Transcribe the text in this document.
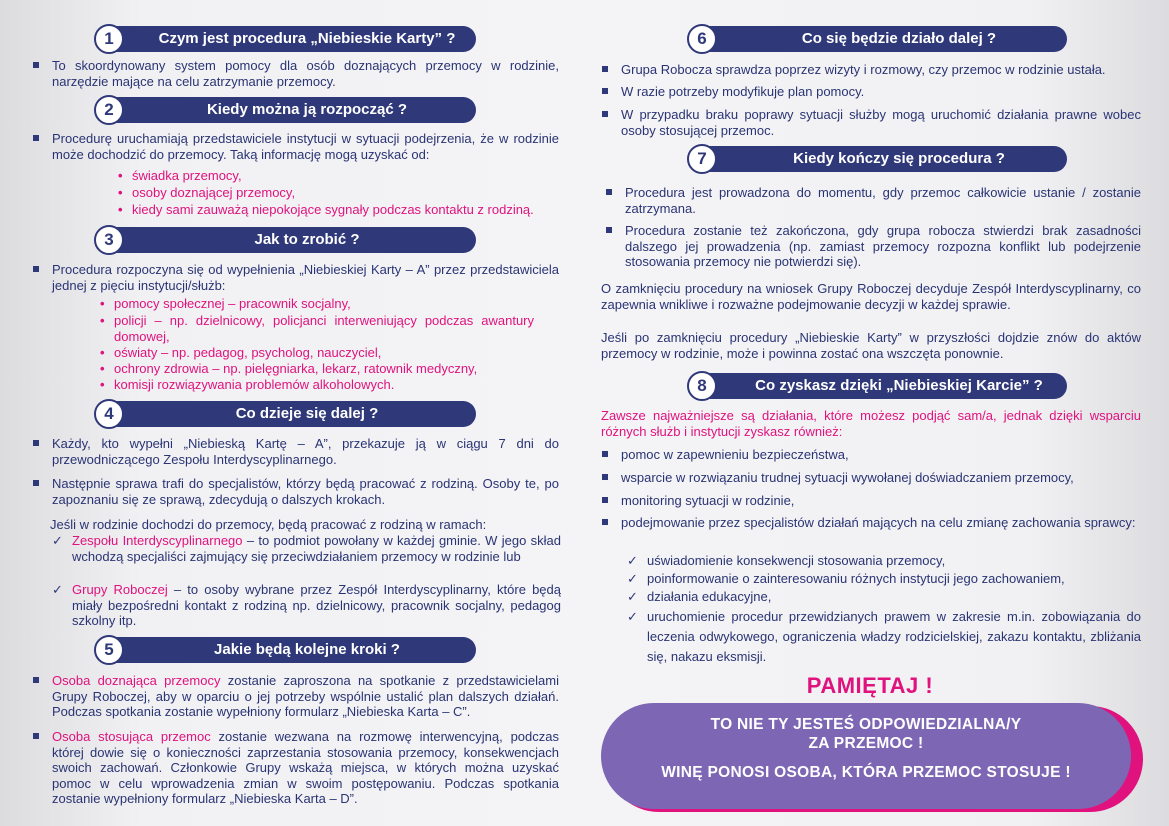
Czym jest procedura „Niebieskie Karty” ?
1
To skoordynowany system pomocy dla osób doznających przemocy w rodzinie, narzędzie mające na celu zatrzymanie przemocy.
Kiedy można ją rozpocząć ?
2
Procedurę uruchamiają przedstawiciele instytucji w sytuacji podejrzenia, że w rodzinie może dochodzić do przemocy. Taką informację mogą uzyskać od:
• świadka przemocy,
• osoby doznającej przemocy,
• kiedy sami zauważą niepokojące sygnały podczas kontaktu z rodziną.
Jak to zrobić ?
3
Procedura rozpoczyna się od wypełnienia „Niebieskiej Karty – A” przez przedstawiciela jednej z pięciu instytucji/służb:
• pomocy społecznej – pracownik socjalny,
• policji – np. dzielnicowy, policjanci interweniujący podczas awantury domowej,
• oświaty – np. pedagog, psycholog, nauczyciel,
• ochrony zdrowia – np. pielęgniarka, lekarz, ratownik medyczny,
• komisji rozwiązywania problemów alkoholowych.
Co dzieje się dalej ?
4
Każdy, kto wypełni „Niebieską Kartę – A”, przekazuje ją w ciągu 7 dni do przewodniczącego Zespołu Interdyscyplinarnego.
Następnie sprawa trafi do specjalistów, którzy będą pracować z rodziną. Osoby te, po zapoznaniu się ze sprawą, zdecydują o dalszych krokach.
Jeśli w rodzinie dochodzi do przemocy, będą pracować z rodziną w ramach:
✓ Zespołu Interdyscyplinarnego – to podmiot powołany w każdej gminie. W jego skład wchodzą specjaliści zajmujący się przeciwdziałaniem przemocy w rodzinie lub
✓ Grupy Roboczej – to osoby wybrane przez Zespół Interdyscyplinarny, które będą miały bezpośredni kontakt z rodziną np. dzielnicowy, pracownik socjalny, pedagog szkolny itp.
Jakie będą kolejne kroki ?
5
Osoba doznająca przemocy zostanie zaproszona na spotkanie z przedstawicielami Grupy Roboczej, aby w oparciu o jej potrzeby wspólnie ustalić plan dalszych działań. Podczas spotkania zostanie wypełniony formularz „Niebieska Karta – C”.
Osoba stosująca przemoc zostanie wezwana na rozmowę interwencyjną, podczas której dowie się o konieczności zaprzestania stosowania przemocy, konsekwencjach swoich zachowań. Członkowie Grupy wskażą miejsca, w których można uzyskać pomoc w celu wprowadzenia zmian w swoim postępowaniu. Podczas spotkania zostanie wypełniony formularz „Niebieska Karta – D”.
Co się będzie działo dalej ?
6
Grupa Robocza sprawdza poprzez wizyty i rozmowy, czy przemoc w rodzinie ustała.
W razie potrzeby modyfikuje plan pomocy.
W przypadku braku poprawy sytuacji służby mogą uruchomić działania prawne wobec osoby stosującej przemoc.
Kiedy kończy się procedura ?
7
Procedura jest prowadzona do momentu, gdy przemoc całkowicie ustanie / zostanie zatrzymana.
Procedura zostanie też zakończona, gdy grupa robocza stwierdzi brak zasadności dalszego jej prowadzenia (np. zamiast przemocy rozpozna konflikt lub podejrzenie stosowania przemocy nie potwierdzi się).
O zamknięciu procedury na wniosek Grupy Roboczej decyduje Zespół Interdyscyplinarny, co zapewnia wnikliwe i rozważne podejmowanie decyzji w każdej sprawie.
Jeśli po zamknięciu procedury „Niebieskie Karty” w przyszłości dojdzie znów do aktów przemocy w rodzinie, może i powinna zostać ona wszczęta ponownie.
Co zyskasz dzięki „Niebieskiej Karcie” ?
8
Zawsze najważniejsze są działania, które możesz podjąć sam/a, jednak dzięki wsparciu różnych służb i instytucji zyskasz również:
pomoc w zapewnieniu bezpieczeństwa,
wsparcie w rozwiązaniu trudnej sytuacji wywołanej doświadczaniem przemocy,
monitoring sytuacji w rodzinie,
podejmowanie przez specjalistów działań mających na celu zmianę zachowania sprawcy:
✓ uświadomienie konsekwencji stosowania przemocy,
✓ poinformowanie o zainteresowaniu różnych instytucji jego zachowaniem,
✓ działania edukacyjne,
✓ uruchomienie procedur przewidzianych prawem w zakresie m.in. zobowiązania do leczenia odwykowego, ograniczenia władzy rodzicielskiej, zakazu kontaktu, zbliżania się, nakazu eksmisji.
PAMIĘTAJ !
TO NIE TY JESTEŚ ODPOWIEDZIALNA/Y
ZA PRZEMOC !
WINĘ PONOSI OSOBA, KTÓRA PRZEMOC STOSUJE !
